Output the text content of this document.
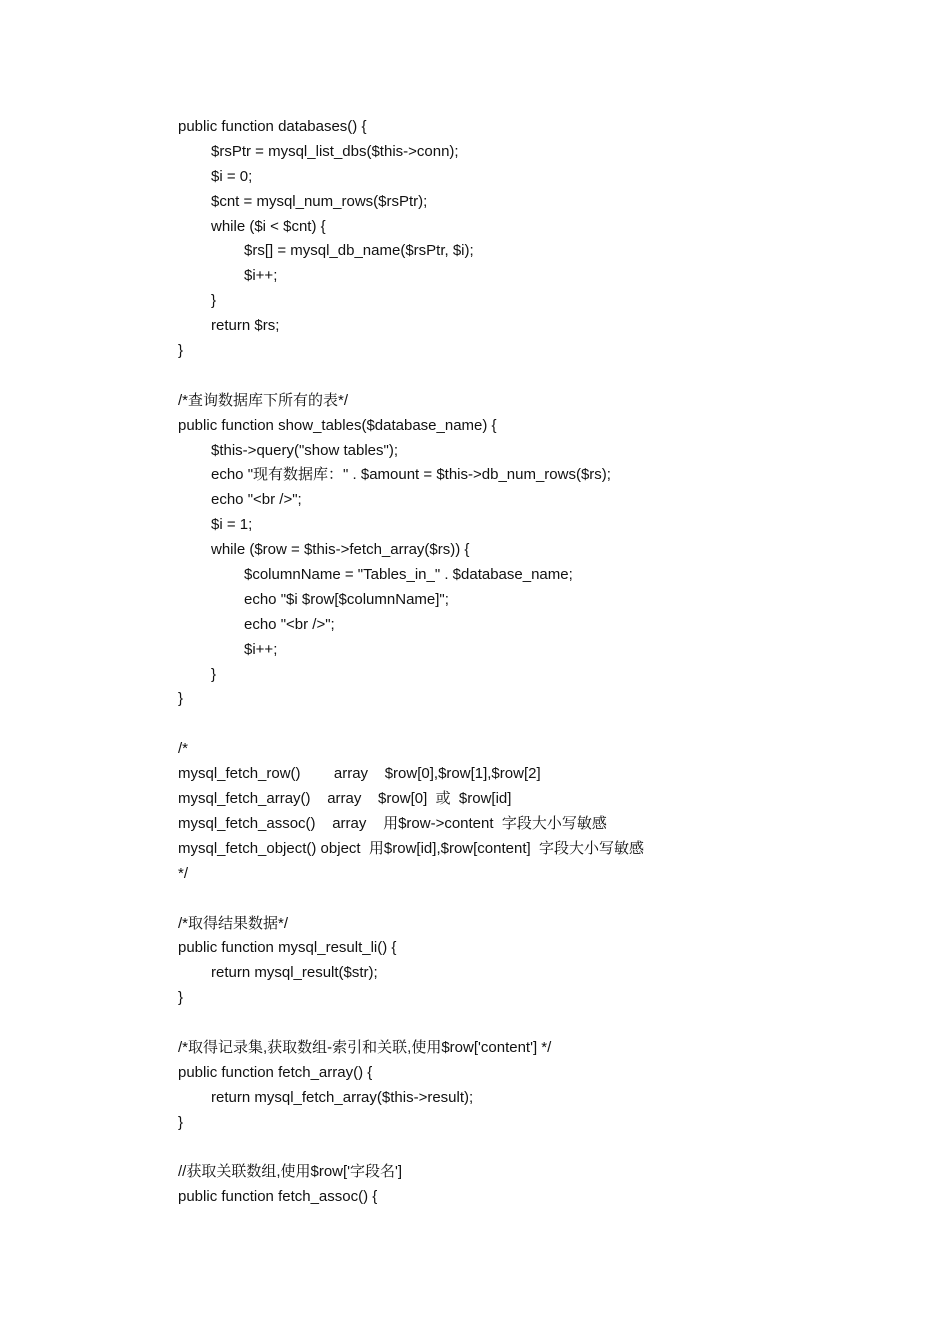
public function databases() {
$rsPtr = mysql_list_dbs($this->conn);
$i = 0;
$cnt = mysql_num_rows($rsPtr);
while ($i < $cnt) {
$rs[] = mysql_db_name($rsPtr, $i);
$i++;
}
return $rs;
}
/*查询数据库下所有的表*/
public function show_tables($database_name) {
$this->query("show tables");
echo "现有数据库：" . $amount = $this->db_num_rows($rs);
echo "<br />";
$i = 1;
while ($row = $this->fetch_array($rs)) {
$columnName = "Tables_in_" . $database_name;
echo "$i $row[$columnName]";
echo "<br />";
$i++;
}
}
/*
mysql_fetch_row()        array    $row[0],$row[1],$row[2]
mysql_fetch_array()    array    $row[0]  或  $row[id]
mysql_fetch_assoc()    array    用$row->content  字段大小写敏感
mysql_fetch_object() object  用$row[id],$row[content]  字段大小写敏感
*/
/*取得结果数据*/
public function mysql_result_li() {
return mysql_result($str);
}
/*取得记录集,获取数组-索引和关联,使用$row['content'] */
public function fetch_array() {
return mysql_fetch_array($this->result);
}
//获取关联数组,使用$row['字段名']
public function fetch_assoc() {
